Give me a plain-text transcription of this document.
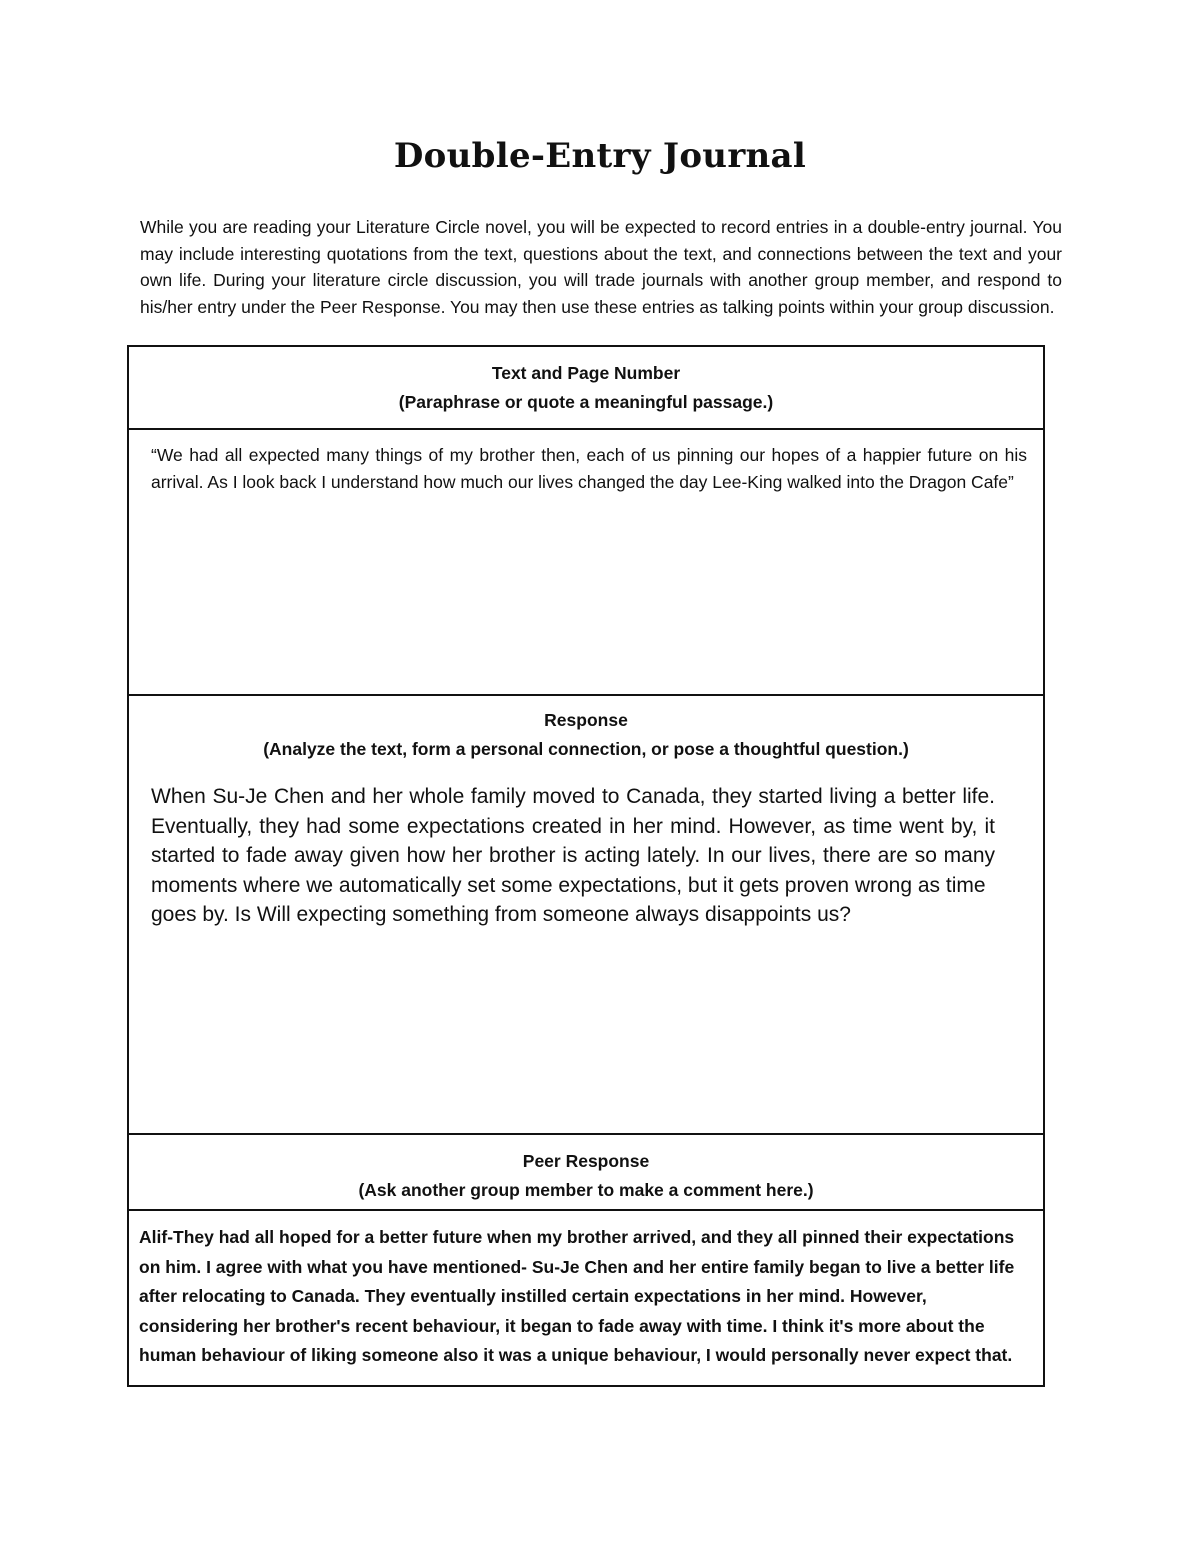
Double-Entry Journal

While you are reading your Literature Circle novel, you will be expected to record entries in a double-entry journal. You may include interesting quotations from the text, questions about the text, and connections between the text and your own life. During your literature circle discussion, you will trade journals with another group member, and respond to his/her entry under the Peer Response. You may then use these entries as talking points within your group discussion.

Text and Page Number
(Paraphrase or quote a meaningful passage.)
“We had all expected many things of my brother then, each of us pinning our hopes of a happier future on his arrival. As I look back I understand how much our lives changed the day Lee-King walked into the Dragon Cafe”
Response
(Analyze the text, form a personal connection, or pose a thoughtful question.)
When Su-Je Chen and her whole family moved to Canada, they started living a better life. Eventually, they had some expectations created in her mind. However, as time went by, it started to fade away given how her brother is acting lately. In our lives, there are so many moments where we automatically set some expectations, but it gets proven wrong as time
goes by. Is Will expecting something from someone always disappoints us?
Peer Response
(Ask another group member to make a comment here.)
Alif-They had all hoped for a better future when my brother arrived, and they all pinned their expectations on him. I agree with what you have mentioned- Su-Je Chen and her entire family began to live a better life after relocating to Canada. They eventually instilled certain expectations in her mind. However, considering her brother's recent behaviour, it began to fade away with time. I think it's more about the human behaviour of liking someone also it was a unique behaviour, I would personally never expect that.
